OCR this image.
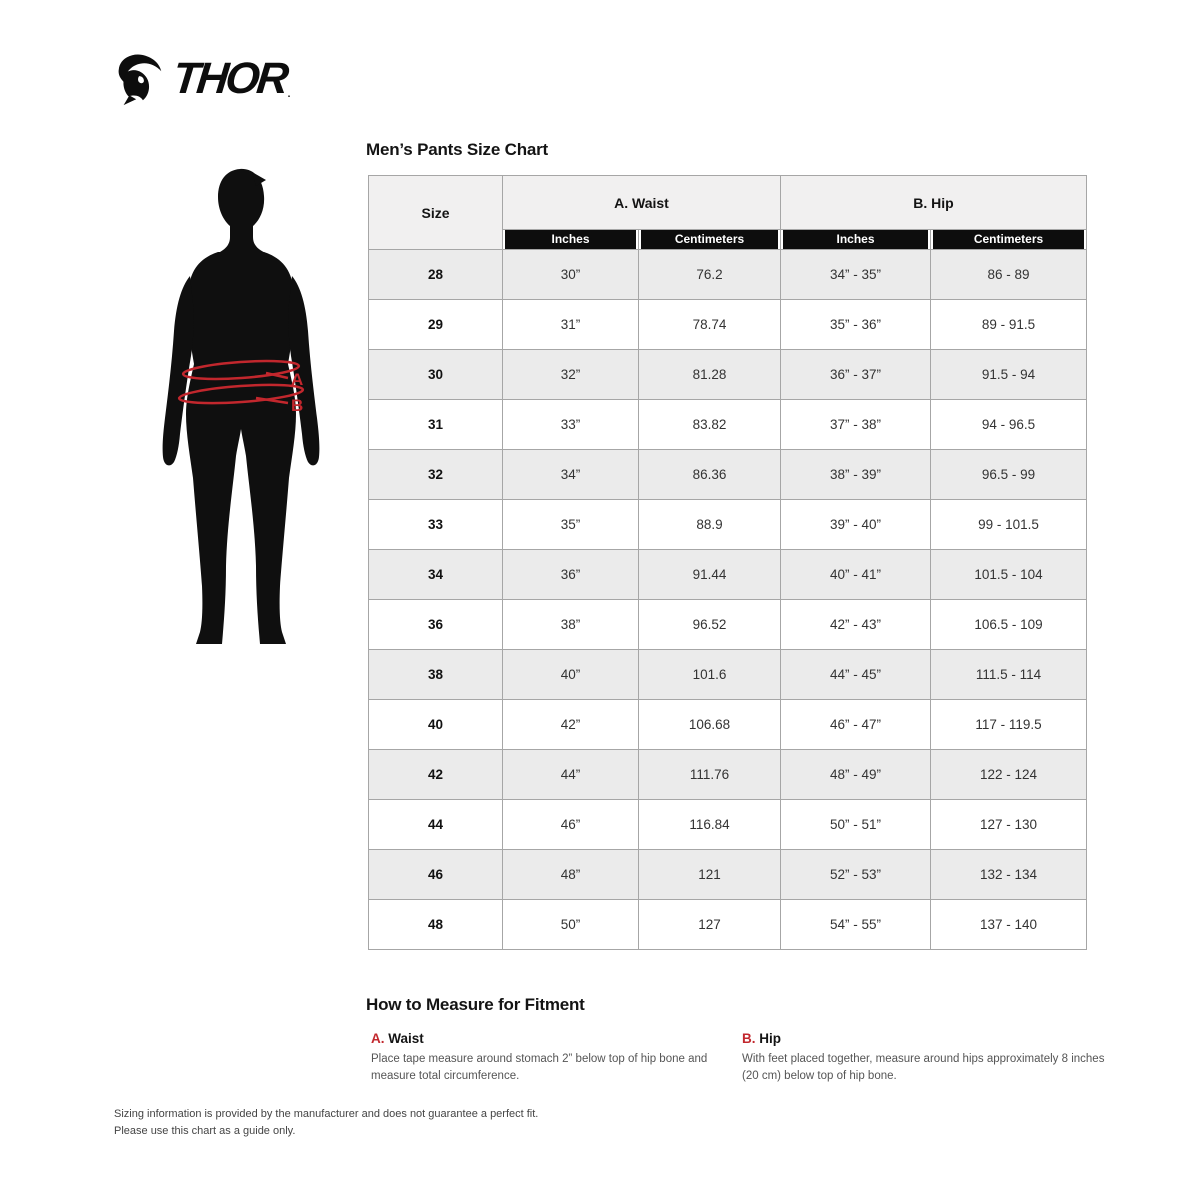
THOR .
Men’s Pants Size Chart
A
B
Size	A. Waist		B. Hip	

	Inches	Centimeters	Inches	Centimeters

28	30”	76.2	34” - 35”	86 - 89
29	31”	78.74	35” - 36”	89 - 91.5
30	32”	81.28	36” - 37”	91.5 - 94
31	33”	83.82	37” - 38”	94 - 96.5
32	34”	86.36	38” - 39”	96.5 - 99
33	35”	88.9	39” - 40”	99 - 101.5
34	36”	91.44	40” - 41”	101.5 - 104
36	38”	96.52	42” - 43”	106.5 - 109
38	40”	101.6	44” - 45”	111.5 - 114
40	42”	106.68	46” - 47”	117 - 119.5
42	44”	111.76	48” - 49”	122 - 124
44	46”	116.84	50” - 51”	127 - 130
46	48”	121	52” - 53”	132 - 134
48	50”	127	54” - 55”	137 - 140
How to Measure for Fitment
A. Waist
Place tape measure around stomach 2” below top of hip bone and measure total circumference.
B. Hip
With feet placed together, measure around hips approximately 8 inches (20 cm) below top of hip bone.
Sizing information is provided by the manufacturer and does not guarantee a perfect fit.
Please use this chart as a guide only.
